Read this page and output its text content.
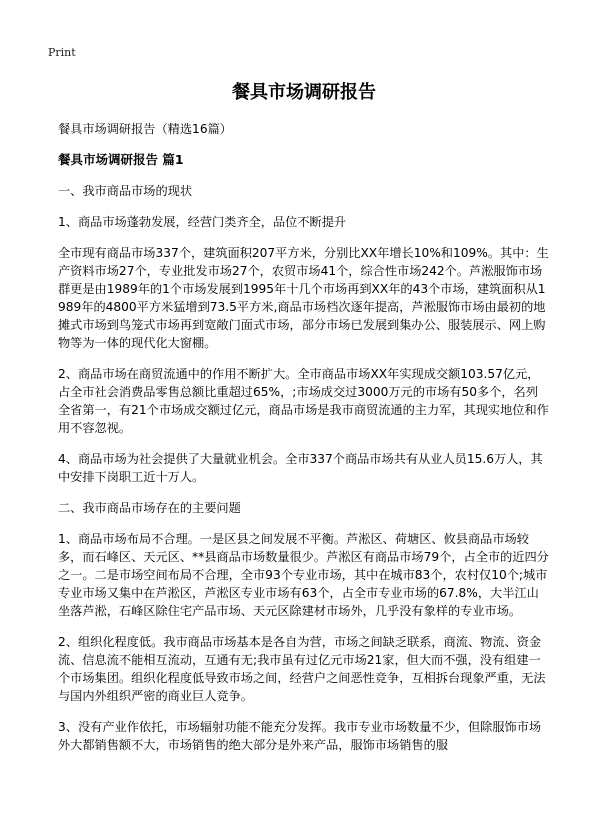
Print
餐具市场调研报告
餐具市场调研报告（精选16篇）
餐具市场调研报告 篇1
一、我市商品市场的现状
1、商品市场蓬勃发展，经营门类齐全，品位不断提升
全市现有商品市场337个，建筑面积207平方米，分别比XX年增长10%和109%。其中：生产资料市场27个，专业批发市场27个，农贸市场41个，综合性市场242个。芦淞服饰市场群更是由1989年的1个市场发展到1995年十几个市场再到XX年的43个市场，建筑面积从1989年的4800平方米猛增到73.5平方米,商品市场档次逐年提高，芦淞服饰市场由最初的地摊式市场到鸟笼式市场再到宽敞门面式市场，部分市场已发展到集办公、服装展示、网上购物等为一体的现代化大窗棚。
2、商品市场在商贸流通中的作用不断扩大。全市商品市场XX年实现成交额103.57亿元，占全市社会消费品零售总额比重超过65%，;市场成交过3000万元的市场有50多个，名列全省第一，有21个市场成交额过亿元，商品市场是我市商贸流通的主力军，其现实地位和作用不容忽视。
4、商品市场为社会提供了大量就业机会。全市337个商品市场共有从业人员15.6万人，其中安排下岗职工近十万人。
二、我市商品市场存在的主要问题
1、商品市场布局不合理。一是区县之间发展不平衡。芦淞区、荷塘区、攸县商品市场较多，而石峰区、天元区、**县商品市场数量很少。芦淞区有商品市场79个，占全市的近四分之一。二是市场空间布局不合理，全市93个专业市场，其中在城市83个，农村仅10个;城市专业市场又集中在芦淞区，芦淞区专业市场有63个，占全市专业市场的67.8%，大半江山坐落芦淞，石峰区除住宅产品市场、天元区除建材市场外，几乎没有象样的专业市场。
2、组织化程度低。我市商品市场基本是各自为营，市场之间缺乏联系，商流、物流、资金流、信息流不能相互流动，互通有无;我市虽有过亿元市场21家，但大而不强，没有组建一个市场集团。组织化程度低导致市场之间，经营户之间恶性竞争，互相拆台现象严重，无法与国内外组织严密的商业巨人竞争。
3、没有产业作依托，市场辐射功能不能充分发挥。我市专业市场数量不少，但除服饰市场外大都销售额不大，市场销售的绝大部分是外来产品，服饰市场销售的服
